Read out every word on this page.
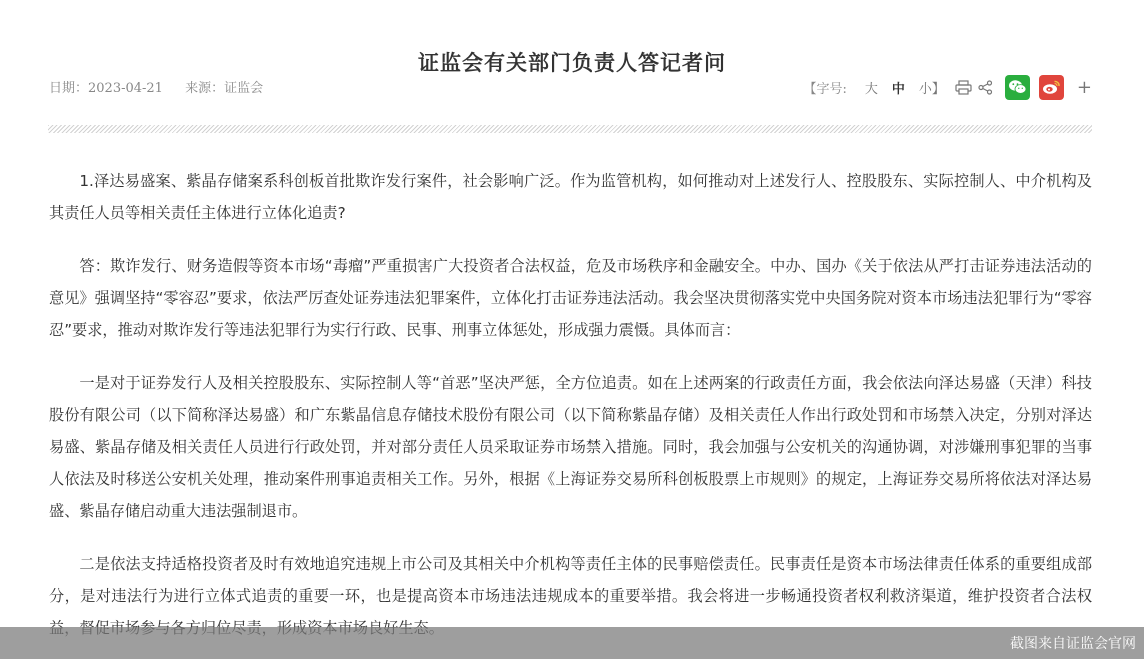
证监会有关部门负责人答记者问
日期：2023-04-21 来源：证监会	【字号: 大 中 小】	+

1.泽达易盛案、紫晶存储案系科创板首批欺诈发行案件，社会影响广泛。作为监管机构，如何推动对上述发行人、控股股东、实际控制人、中介机构及其责任人员等相关责任主体进行立体化追责?

答：欺诈发行、财务造假等资本市场“毒瘤”严重损害广大投资者合法权益，危及市场秩序和金融安全。中办、国办《关于依法从严打击证券违法活动的意见》强调坚持“零容忍”要求，依法严厉查处证券违法犯罪案件，立体化打击证券违法活动。我会坚决贯彻落实党中央国务院对资本市场违法犯罪行为“零容忍”要求，推动对欺诈发行等违法犯罪行为实行行政、民事、刑事立体惩处，形成强力震慑。具体而言：

一是对于证券发行人及相关控股股东、实际控制人等“首恶”坚决严惩，全方位追责。如在上述两案的行政责任方面，我会依法向泽达易盛（天津）科技股份有限公司（以下简称泽达易盛）和广东紫晶信息存储技术股份有限公司（以下简称紫晶存储）及相关责任人作出行政处罚和市场禁入决定，分别对泽达易盛、紫晶存储及相关责任人员进行行政处罚，并对部分责任人员采取证券市场禁入措施。同时，我会加强与公安机关的沟通协调，对涉嫌刑事犯罪的当事人依法及时移送公安机关处理，推动案件刑事追责相关工作。另外，根据《上海证券交易所科创板股票上市规则》的规定，上海证券交易所将依法对泽达易盛、紫晶存储启动重大违法强制退市。

二是依法支持适格投资者及时有效地追究违规上市公司及其相关中介机构等责任主体的民事赔偿责任。民事责任是资本市场法律责任体系的重要组成部分，是对违法行为进行立体式追责的重要一环，也是提高资本市场违法违规成本的重要举措。我会将进一步畅通投资者权利救济渠道，维护投资者合法权

截图来自证监会官网
